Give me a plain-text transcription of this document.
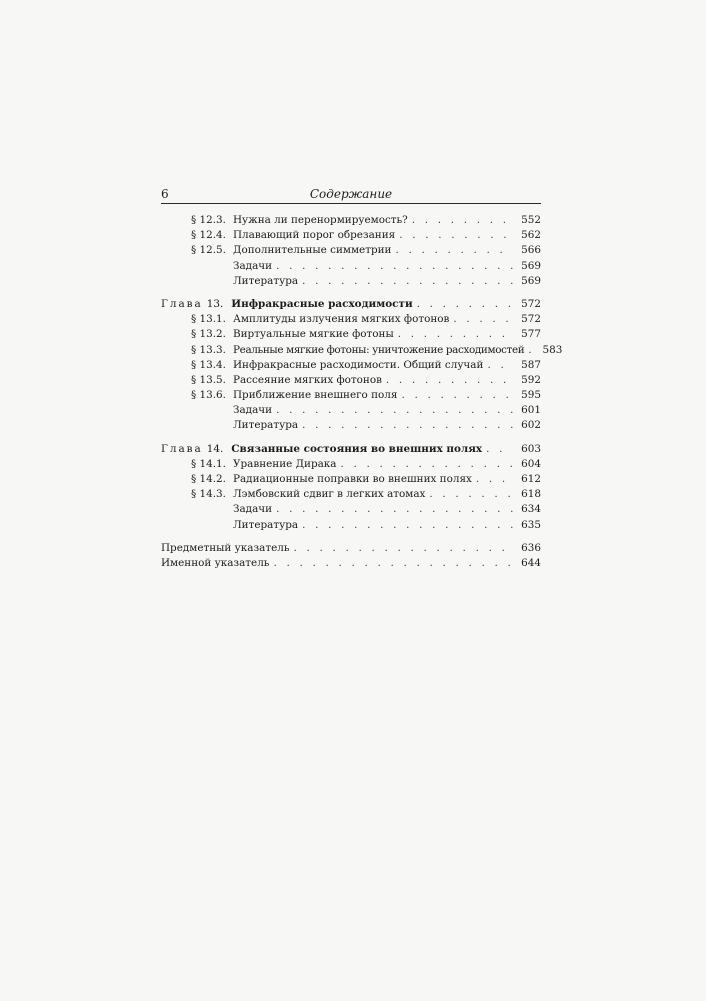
6	Содержание
§ 12.3. Нужна ли перенормируемость? . . .	552
§ 12.4. Плавающий порог обрезания . . .	562
§ 12.5. Дополнительные симметрии . . .	566
Задачи . . .	569
Литература . . .	569
Глава 13. Инфракрасные расходимости . . .	572
§ 13.1. Амплитуды излучения мягких фотонов . . .	572
§ 13.2. Виртуальные мягкие фотоны . . .	577
§ 13.3. Реальные мягкие фотоны: уничтожение расходимостей . . .	583
§ 13.4. Инфракрасные расходимости. Общий случай . . .	587
§ 13.5. Рассеяние мягких фотонов . . .	592
§ 13.6. Приближение внешнего поля . . .	595
Задачи . . .	601
Литература . . .	602
Глава 14. Связанные состояния во внешних полях . . .	603
§ 14.1. Уравнение Дирака . . .	604
§ 14.2. Радиационные поправки во внешних полях . . .	612
§ 14.3. Лэмбовский сдвиг в легких атомах . . .	618
Задачи . . .	634
Литература . . .	635
Предметный указатель . . .	636
Именной указатель . . .	644
